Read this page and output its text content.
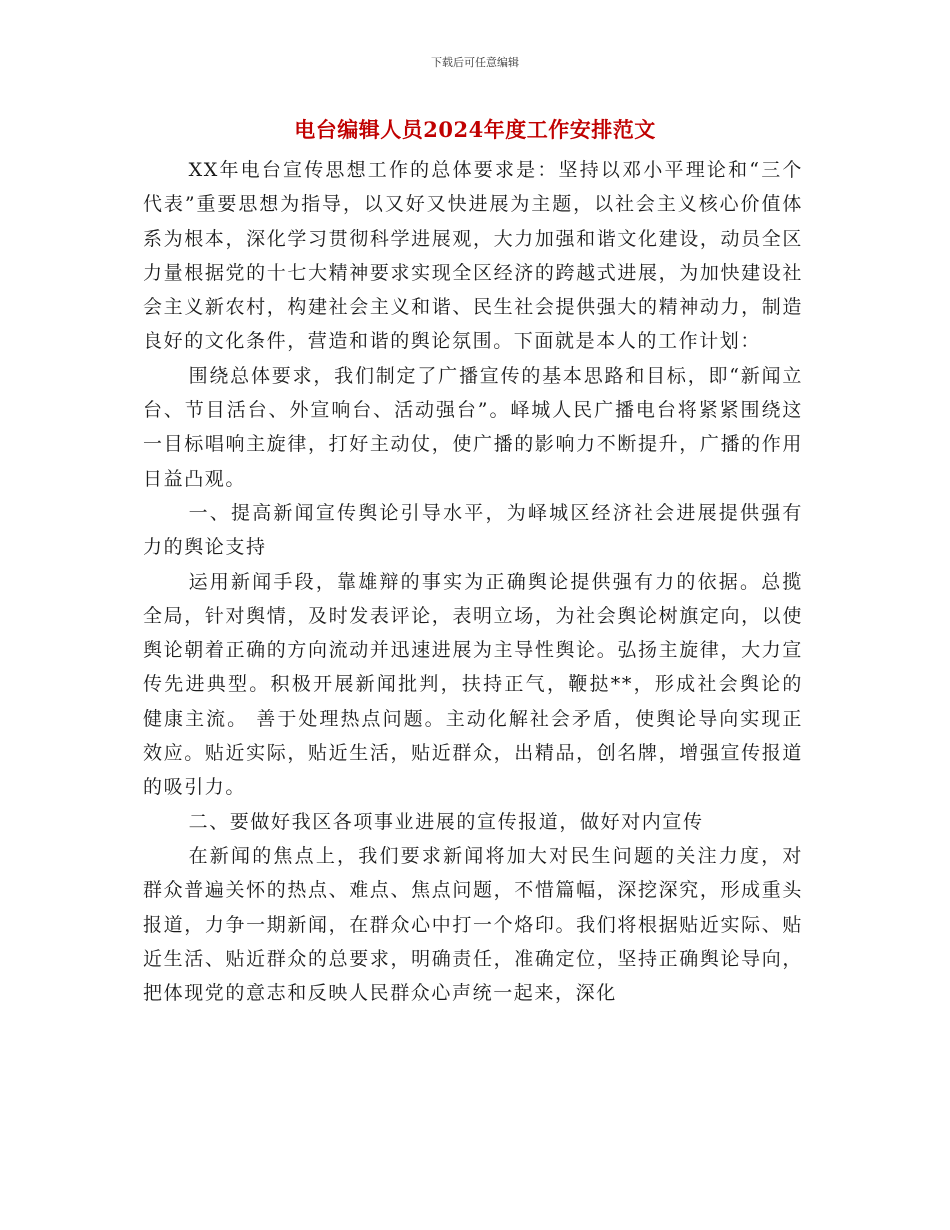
下载后可任意编辑
电台编辑人员2024年度工作安排范文

XX年电台宣传思想工作的总体要求是：坚持以邓小平理论和“三个代表”重要思想为指导，以又好又快进展为主题，以社会主义核心价值体系为根本，深化学习贯彻科学进展观，大力加强和谐文化建设，动员全区力量根据党的十七大精神要求实现全区经济的跨越式进展，为加快建设社会主义新农村，构建社会主义和谐、民生社会提供强大的精神动力，制造良好的文化条件，营造和谐的舆论氛围。下面就是本人的工作计划：

围绕总体要求，我们制定了广播宣传的基本思路和目标，即“新闻立台、节目活台、外宣响台、活动强台”。峄城人民广播电台将紧紧围绕这一目标唱响主旋律，打好主动仗，使广播的影响力不断提升，广播的作用日益凸观。

一、提高新闻宣传舆论引导水平，为峄城区经济社会进展提供强有力的舆论支持

运用新闻手段，靠雄辩的事实为正确舆论提供强有力的依据。总揽全局，针对舆情，及时发表评论，表明立场，为社会舆论树旗定向，以使舆论朝着正确的方向流动并迅速进展为主导性舆论。弘扬主旋律，大力宣传先进典型。积极开展新闻批判，扶持正气，鞭挞**，形成社会舆论的健康主流。 善于处理热点问题。主动化解社会矛盾，使舆论导向实现正效应。贴近实际，贴近生活，贴近群众，出精品，创名牌，增强宣传报道的吸引力。

二、要做好我区各项事业进展的宣传报道，做好对内宣传

在新闻的焦点上，我们要求新闻将加大对民生问题的关注力度，对群众普遍关怀的热点、难点、焦点问题，不惜篇幅，深挖深究，形成重头报道，力争一期新闻，在群众心中打一个烙印。我们将根据贴近实际、贴近生活、贴近群众的总要求，明确责任，准确定位，坚持正确舆论导向，把体现党的意志和反映人民群众心声统一起来，深化
